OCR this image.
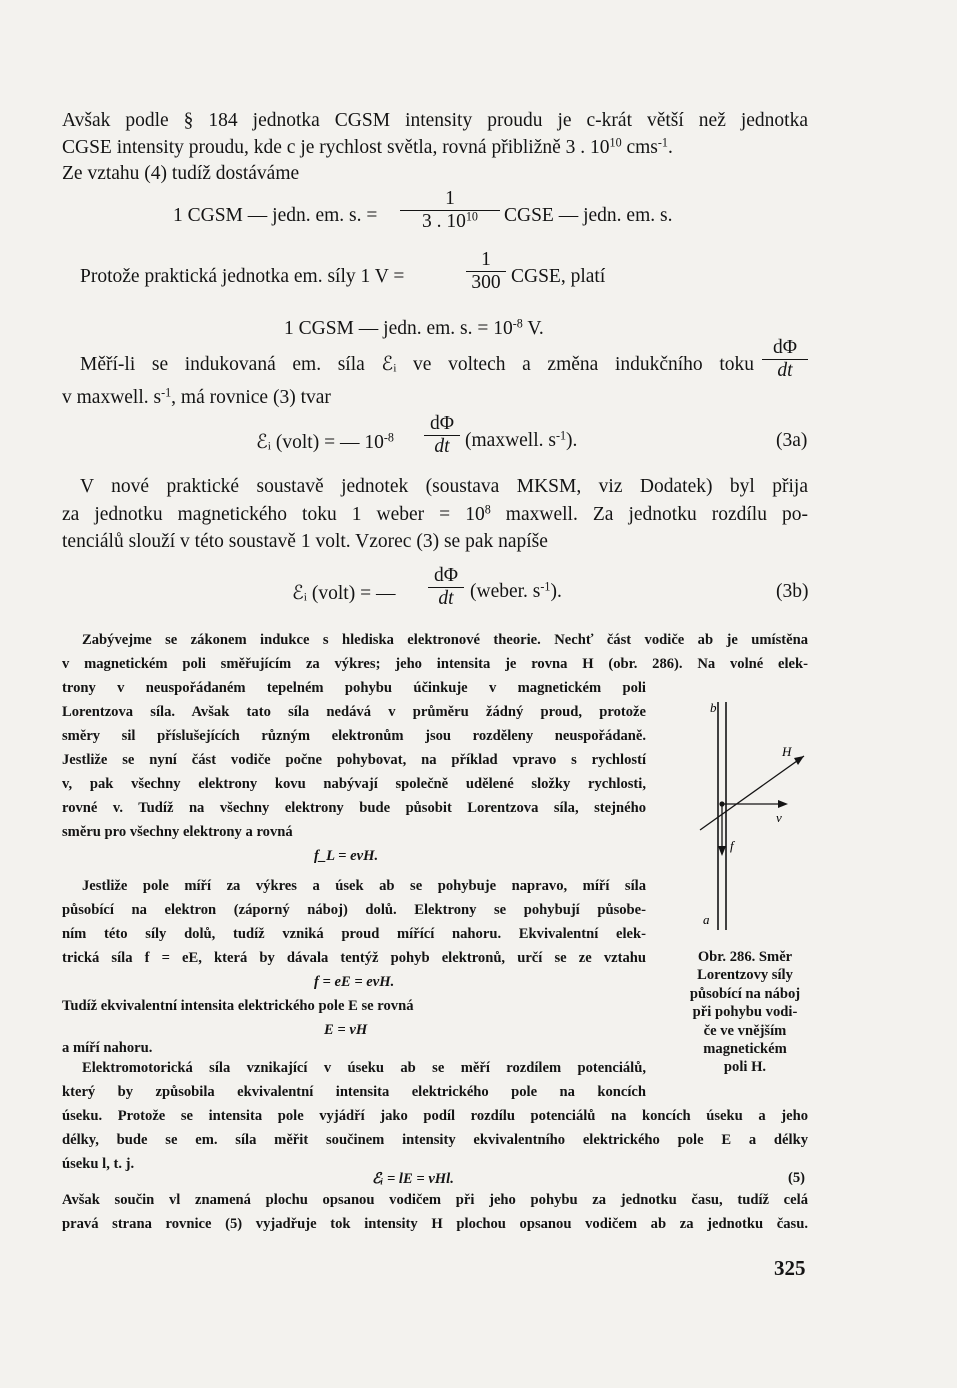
Avšak podle § 184 jednotka CGSM intensity proudu je c-krát větší než jednotka
CGSE intensity proudu, kde c je rychlost světla, rovná přibližně 3 . $10^{10}$ cms$^{-1}$.
Ze vztahu (4) tudíž dostáváme
1 CGSM — jedn. em. s. =
1
3 . $10^{10}$	CGSE — jedn. em. s.
Protože praktická jednotka em. síly 1 V =
1
300 CGSE, platí
1 CGSM — jedn. em. s. = $10^{-8}$ V.
Měří-li se indukovaná em. síla ℰᵢ ve voltech a změna indukčního toku
dΦ
dt
v maxwell. $s^{-1}$, má rovnice (3) tvar
ℰᵢ (volt) = — $10^{-8}$
dΦ
dt (maxwell. $s^{-1}$).	(3a)
V nové praktické soustavě jednotek (soustava MKSM, viz Dodatek) byl přija
za jednotku magnetického toku 1 weber = $10^8$ maxwell. Za jednotku rozdílu po-
tenciálů slouží v této soustavě 1 volt. Vzorec (3) se pak napíše
ℰᵢ (volt) = —
dΦ
dt (weber. $s^{-1}$).	(3b)
Zabývejme se zákonem indukce s hlediska elektronové theorie. Nechť část vodiče ab je umístěna
v magnetickém poli směřujícím za výkres; jeho intensita je rovna H (obr. 286). Na volné elek-
trony v neuspořádaném tepelném pohybu účinkuje v magnetickém poli
Lorentzova síla. Avšak tato síla nedává v průměru žádný proud, protože
směry sil příslušejících různým elektronům jsou rozděleny neuspořádaně.
Jestliže se nyní část vodiče počne pohybovat, na příklad vpravo s rychlostí
v, pak všechny elektrony kovu nabývají společně udělené složky rychlosti,
rovné v. Tudíž na všechny elektrony bude působit Lorentzova síla, stejného
směru pro všechny elektrony a rovná
f_L = evH.
Jestliže pole míří za výkres a úsek ab se pohybuje napravo, míří síla
působící na elektron (záporný náboj) dolů. Elektrony se pohybují působe-
ním této síly dolů, tudíž vzniká proud mířící nahoru. Ekvivalentní elek-
trická síla f = eE, která by dávala tentýž pohyb elektronů, určí se ze vztahu
f = eE = evH.
Tudíž ekvivalentní intensita elektrického pole E se rovná
E = vH
a míří nahoru.
Elektromotorická síla vznikající v úseku ab se měří rozdílem potenciálů,
který by způsobila ekvivalentní intensita elektrického pole na koncích
úseku. Protože se intensita pole vyjádří jako podíl rozdílu potenciálů na koncích úseku a jeho
délky, bude se em. síla měřit součinem intensity ekvivalentního elektrického pole E a délky
úseku l, t. j.
ℰᵢ = lE = vHl.	(5)
Avšak součin vl znamená plochu opsanou vodičem při jeho pohybu za jednotku času, tudíž celá
pravá strana rovnice (5) vyjadřuje tok intensity H plochou opsanou vodičem ab za jednotku času.
b
a
H
v
f
Obr. 286. Směr
Lorentzovy síly
působící na náboj
při pohybu vodi-
če ve vnějším
magnetickém
poli H.
325
